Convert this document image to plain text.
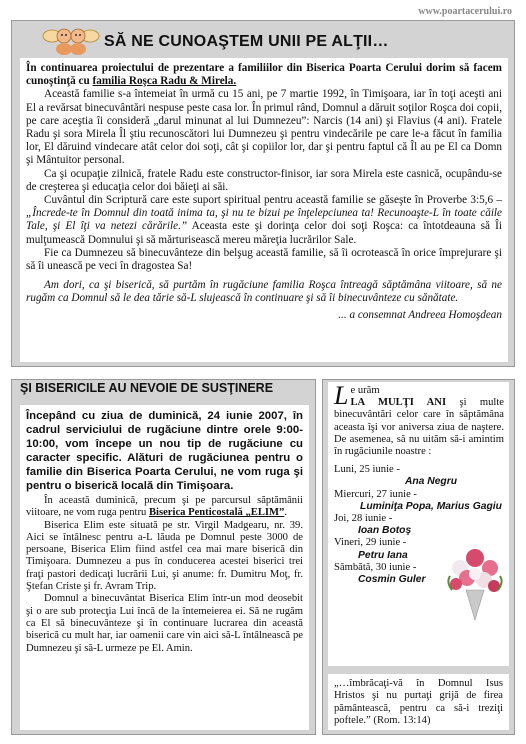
www.poartacerului.ro
SĂ NE CUNOAŞTEM UNII PE ALŢII…

În continuarea proiectului de prezentare a familiilor din Biserica Poarta Cerului dorim să facem cunoştinţă cu familia Roşca Radu & Mirela.

Această familie s-a întemeiat în urmă cu 15 ani, pe 7 martie 1992, în Timişoara, iar în toţi aceşti ani El a revărsat binecuvântări nespuse peste casa lor. În primul rând, Domnul a dăruit soţilor Roşca doi copii, pe care aceştia îi consideră „darul minunat al lui Dumnezeu”: Narcis (14 ani) şi Flavius (4 ani). Fratele Radu şi sora Mirela Îl ştiu recunoscători lui Dumnezeu şi pentru vindecările pe care le-a făcut în familia lor, El dăruind vindecare atât celor doi soţi, cât şi copiilor lor, dar şi pentru faptul că Îl au pe El ca Domn şi Mântuitor personal.

Ca şi ocupaţie zilnică, fratele Radu este constructor-finisor, iar sora Mirela este casnică, ocupându-se de creşterea şi educaţia celor doi băieţi ai săi.

Cuvântul din Scriptură care este suport spiritual pentru această familie se găseşte în Proverbe 3:5,6 – „Încrede-te în Domnul din toată inima ta, şi nu te bizui pe înţelepciunea ta! Recunoaşte-L în toate căile Tale, şi El îţi va netezi cărările.” Aceasta este şi dorinţa celor doi soţi Roşca: ca întotdeauna să Îi mulţumească Domnului şi să mărturisească mereu măreţia lucrărilor Sale.

Fie ca Dumnezeu să binecuvânteze din belşug această familie, să îi ocrotească în orice împrejurare şi să îi unească pe veci în dragostea Sa!

Am dori, ca şi biserică, să purtăm în rugăciune familia Roşca întreagă săptămâna viitoare, să ne rugăm ca Domnul să le dea tărie să-L slujească în continuare şi să îi binecuvânteze cu sănătate.

... a consemnat Andreea Homoşdean

ŞI BISERICILE AU NEVOIE DE SUSŢINERE

Începând cu ziua de duminică, 24 iunie 2007, în cadrul serviciului de rugăciune dintre orele 9:00-10:00, vom începe un nou tip de rugăciune cu caracter specific. Alături de rugăciunea pentru o familie din Biserica Poarta Cerului, ne vom ruga şi pentru o biserică locală din Timişoara.

În această duminică, precum şi pe parcursul săptămânii viitoare, ne vom ruga pentru Biserica Penticostală „ELIM”.

Biserica Elim este situată pe str. Virgil Madgearu, nr. 39. Aici se întâlnesc pentru a-L lăuda pe Domnul peste 3000 de persoane, Biserica Elim fiind astfel cea mai mare biserică din Timişoara. Dumnezeu a pus în conducerea acestei biserici trei fraţi pastori dedicaţi lucrării Lui, şi anume: fr. Dumitru Moţ, fr. Ştefan Criste şi fr. Avram Trip.

Domnul a binecuvântat Biserica Elim într-un mod deosebit şi o are sub protecţia Lui încă de la întemeierea ei. Să ne rugăm ca El să binecuvânteze şi în continuare lucrarea din această biserică cu mult har, iar oamenii care vin aici să-L întâlnească pe Dumnezeu şi să-L urmeze pe El. Amin.

Le urăm
LA MULŢI ANI şi multe binecuvântări celor care în săptămâna aceasta îşi vor aniversa ziua de naştere. De asemenea, să nu uităm să-i amintim în rugăciunile noastre :

Luni, 25 iunie -
Ana Negru
Miercuri, 27 iunie -
Luminiţa Popa, Marius Gagiu
Joi, 28 iunie -
Ioan Botoş
Vineri, 29 iunie -
Petru Iana
Sâmbătă, 30 iunie -
Cosmin Guler

„…îmbrăcaţi-vă în Domnul Isus Hristos şi nu purtaţi grijă de firea pământească, pentru ca să-i treziţi poftele.” (Rom. 13:14)
